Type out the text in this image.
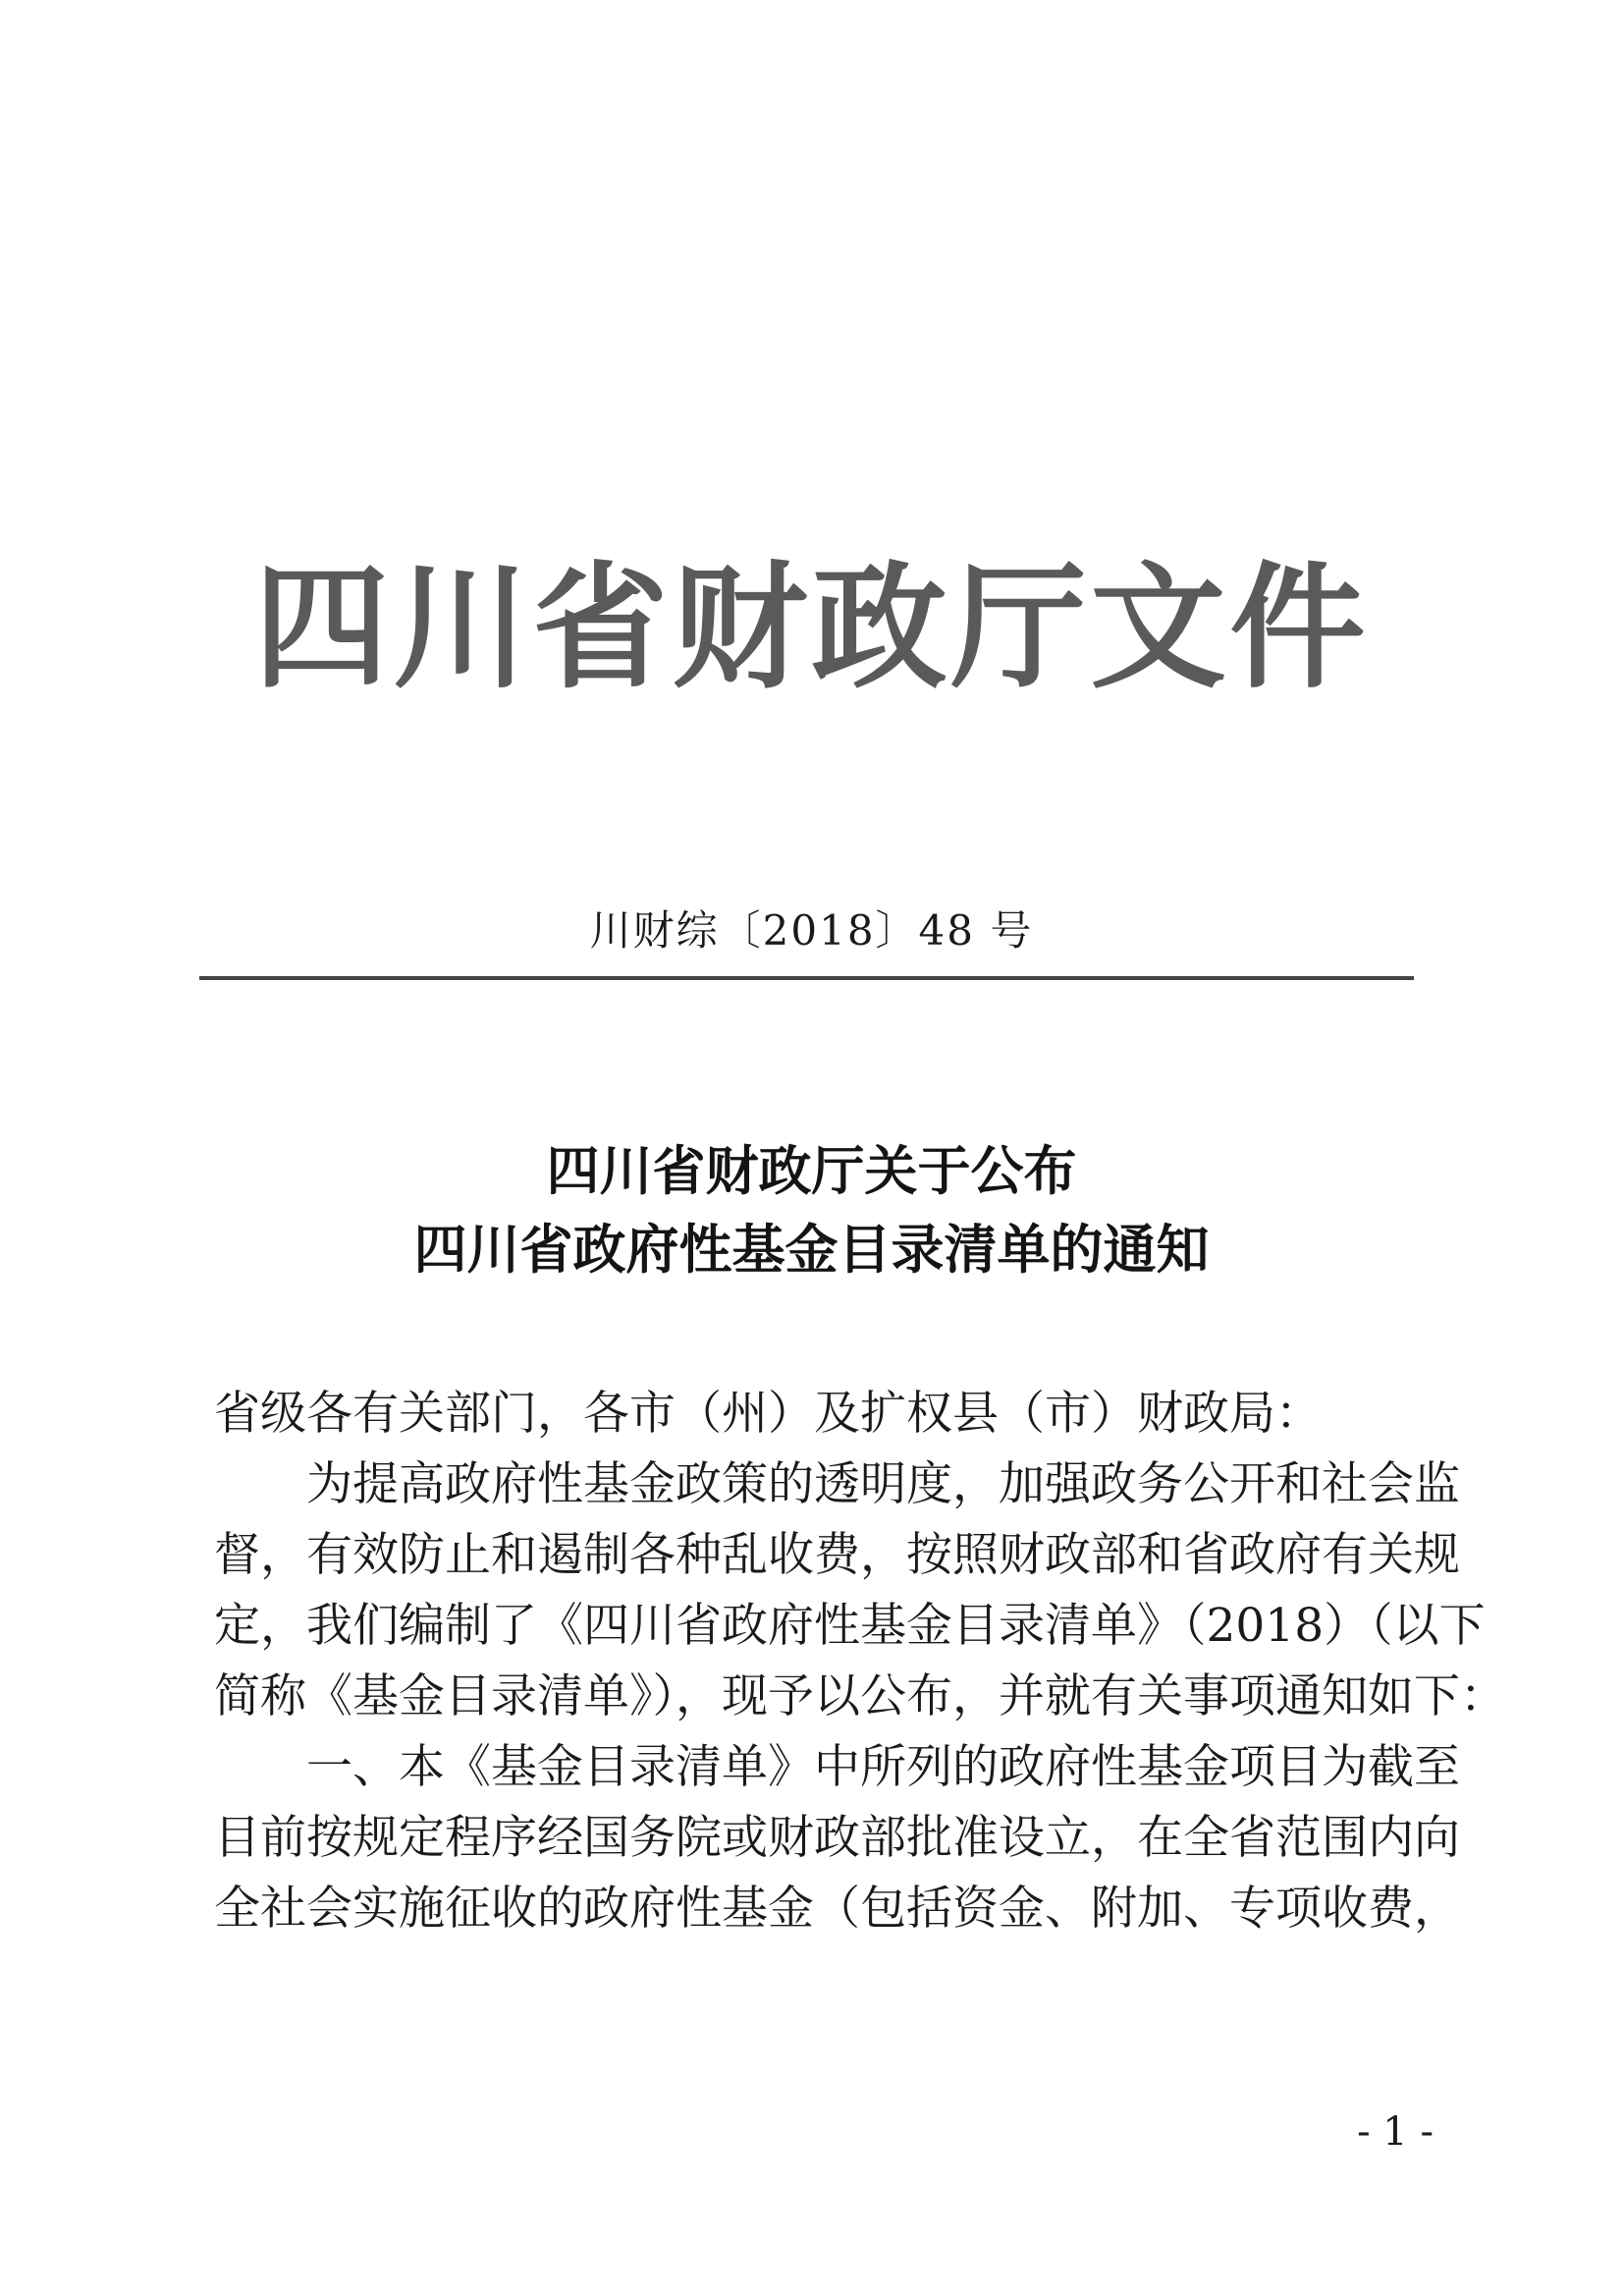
四川省财政厅文件
川财综〔2018〕48 号
四川省财政厅关于公布
四川省政府性基金目录清单的通知
省级各有关部门，各市（州）及扩权县（市）财政局：
　　为提高政府性基金政策的透明度，加强政务公开和社会监
督，有效防止和遏制各种乱收费，按照财政部和省政府有关规
定，我们编制了《四川省政府性基金目录清单》（2018）（以下
简称《基金目录清单》），现予以公布，并就有关事项通知如下：
　　一、本《基金目录清单》中所列的政府性基金项目为截至
目前按规定程序经国务院或财政部批准设立，在全省范围内向
全社会实施征收的政府性基金（包括资金、附加、专项收费，
- 1 -
